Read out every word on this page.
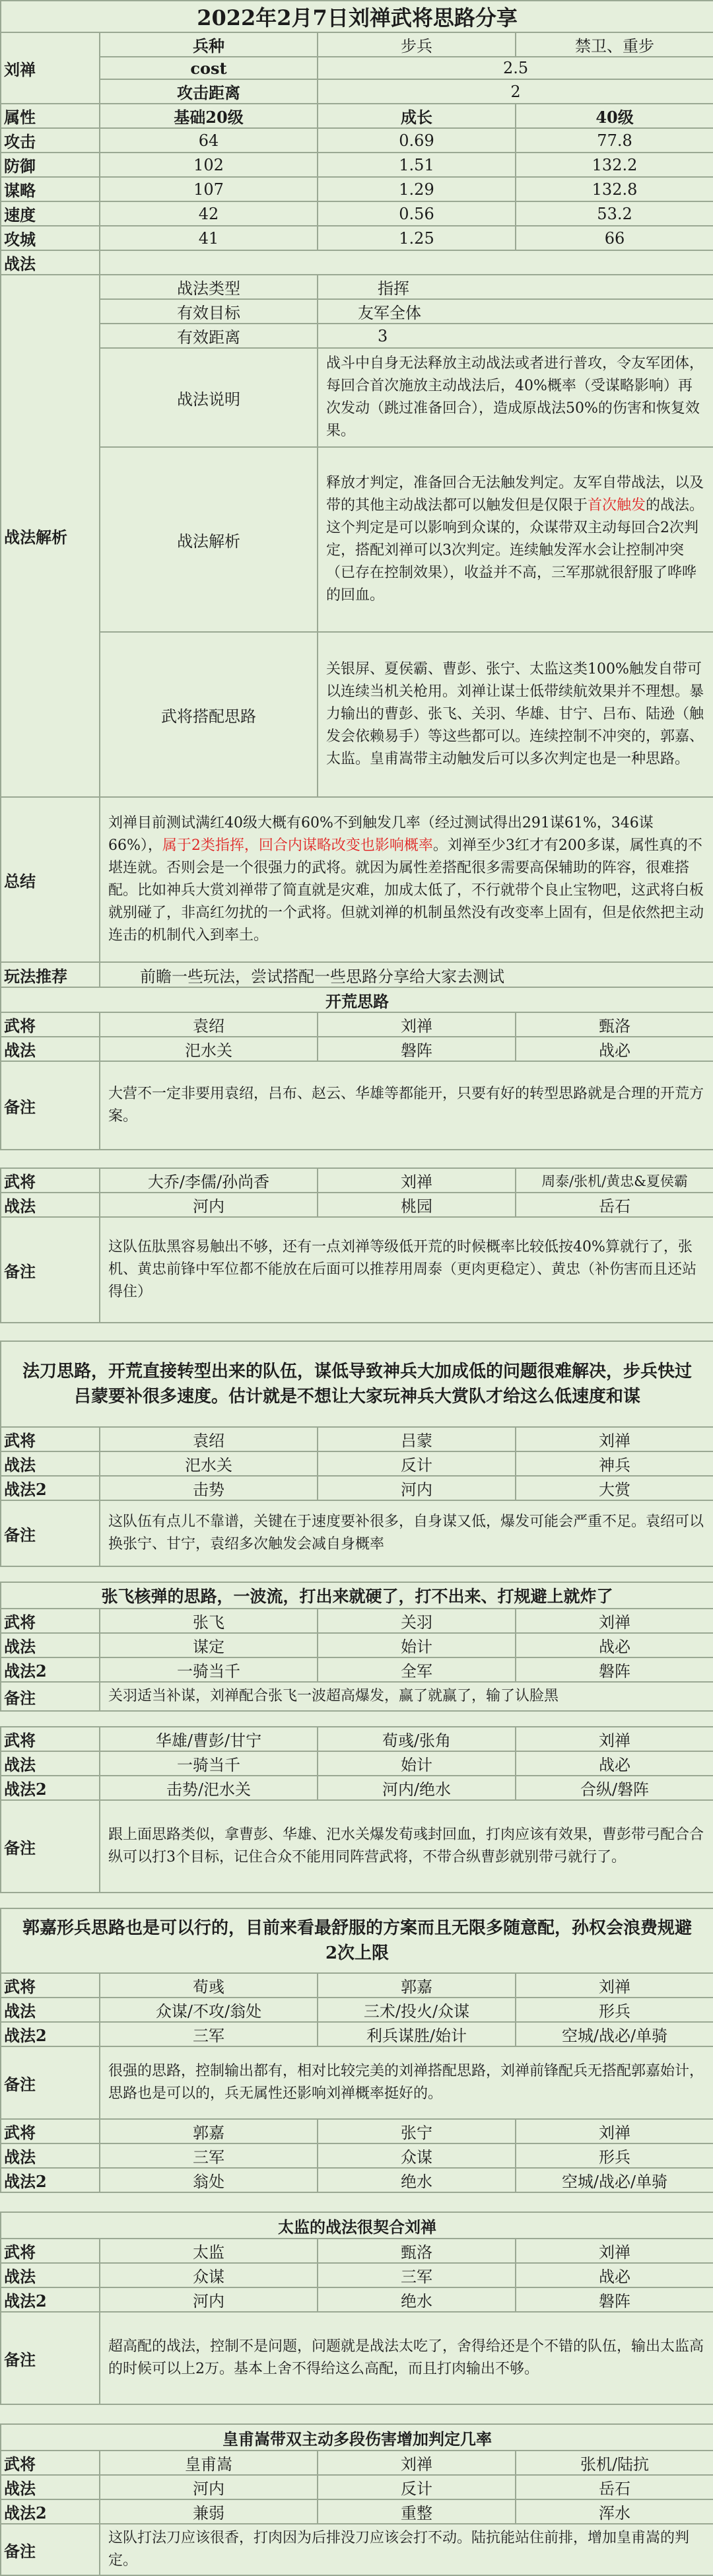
2022年2月7日刘禅武将思路分享			
刘禅	兵种	步兵	禁卫、重步
	cost	2.5	
	攻击距离	2	
属性	基础20级	成长	40级
攻击	64	0.69	77.8
防御	102	1.51	132.2
谋略	107	1.29	132.8
速度	42	0.56	53.2
攻城	41	1.25	66
战法			
战法解析	战法类型	指挥	
	有效目标	友军全体	
	有效距离	3	
	战法说明	战斗中自身无法释放主动战法或者进行普攻，令友军团体，每回合首次施放主动战法后，40%概率（受谋略影响）再次发动（跳过准备回合），造成原战法50%的伤害和恢复效果。	
	战法解析	释放才判定，准备回合无法触发判定。友军自带战法，以及带的其他主动战法都可以触发但是仅限于首次触发的战法。这个判定是可以影响到众谋的，众谋带双主动每回合2次判定，搭配刘禅可以3次判定。连续触发浑水会让控制冲突（已存在控制效果），收益并不高，三军那就很舒服了哗哗的回血。	
	武将搭配思路	关银屏、夏侯霸、曹彭、张宁、太监这类100%触发自带可以连续当机关枪用。刘禅让谋士低带续航效果并不理想。暴力输出的曹彭、张飞、关羽、华雄、甘宁、吕布、陆逊（触发会依赖易手）等这些都可以。连续控制不冲突的，郭嘉、太监。皇甫嵩带主动触发后可以多次判定也是一种思路。	

总结	刘禅目前测试满红40级大概有60%不到触发几率（经过测试得出291谋61%，346谋66%），属于2类指挥，回合内谋略改变也影响概率。刘禅至少3红才有200多谋，属性真的不堪连就。否则会是一个很强力的武将。就因为属性差搭配很多需要高保辅助的阵容，很难搭配。比如神兵大赏刘禅带了简直就是灾难，加成太低了，不行就带个良止宝物吧，这武将白板就别碰了，非高红勿扰的一个武将。但就刘禅的机制虽然没有改变率上固有，但是依然把主动连击的机制代入到率土。		
玩法推荐	前瞻一些玩法，尝试搭配一些思路分享给大家去测试		
开荒思路			
武将	袁绍	刘禅	甄洛
战法	汜水关	磐阵	战必
备注	大营不一定非要用袁绍，吕布、赵云、华雄等都能开，只要有好的转型思路就是合理的开荒方案。		

武将	大乔/李儒/孙尚香	刘禅	周泰/张机/黄忠&夏侯霸
战法	河内	桃园	岳石
备注	这队伍肽黑容易触出不够，还有一点刘禅等级低开荒的时候概率比较低按40%算就行了，张机、黄忠前锋中军位都不能放在后面可以推荐用周泰（更肉更稳定）、黄忠（补伤害而且还站得住）		

法刀思路，开荒直接转型出来的队伍，谋低导致神兵大加成低的问题很难解决，步兵快过吕蒙要补很多速度。估计就是不想让大家玩神兵大赏队才给这么低速度和谋			
武将	袁绍	吕蒙	刘禅
战法	汜水关	反计	神兵
战法2	击势	河内	大赏
备注	这队伍有点儿不靠谱，关键在于速度要补很多，自身谋又低，爆发可能会严重不足。袁绍可以换张宁、甘宁，袁绍多次触发会减自身概率		

张飞核弹的思路，一波流，打出来就硬了，打不出来、打规避上就炸了			
武将	张飞	关羽	刘禅
战法	谋定	始计	战必
战法2	一骑当千	全军	磐阵
备注	关羽适当补谋，刘禅配合张飞一波超高爆发，赢了就赢了，输了认脸黑		

武将	华雄/曹彭/甘宁	荀彧/张角	刘禅
战法	一骑当千	始计	战必
战法2	击势/汜水关	河内/绝水	合纵/磐阵
备注	跟上面思路类似，拿曹彭、华雄、汜水关爆发荀彧封回血，打肉应该有效果，曹彭带弓配合合纵可以打3个目标，记住合众不能用同阵营武将，不带合纵曹彭就别带弓就行了。		

郭嘉形兵思路也是可以行的，目前来看最舒服的方案而且无限多随意配，孙权会浪费规避2次上限			
武将	荀彧	郭嘉	刘禅
战法	众谋/不攻/翁处	三术/投火/众谋	形兵
战法2	三军	利兵谋胜/始计	空城/战必/单骑
备注	很强的思路，控制输出都有，相对比较完美的刘禅搭配思路，刘禅前锋配兵无搭配郭嘉始计，思路也是可以的，兵无属性还影响刘禅概率挺好的。		
武将	郭嘉	张宁	刘禅
战法	三军	众谋	形兵
战法2	翁处	绝水	空城/战必/单骑

太监的战法很契合刘禅			
武将	太监	甄洛	刘禅
战法	众谋	三军	战必
战法2	河内	绝水	磐阵
备注	超高配的战法，控制不是问题，问题就是战法太吃了，舍得给还是个不错的队伍，输出太监高的时候可以上2万。基本上舍不得给这么高配，而且打肉输出不够。		

皇甫嵩带双主动多段伤害增加判定几率			
武将	皇甫嵩	刘禅	张机/陆抗
战法	河内	反计	岳石
战法2	兼弱	重整	浑水
备注	这队打法刀应该很香，打肉因为后排没刀应该会打不动。陆抗能站住前排，增加皇甫嵩的判定。		
